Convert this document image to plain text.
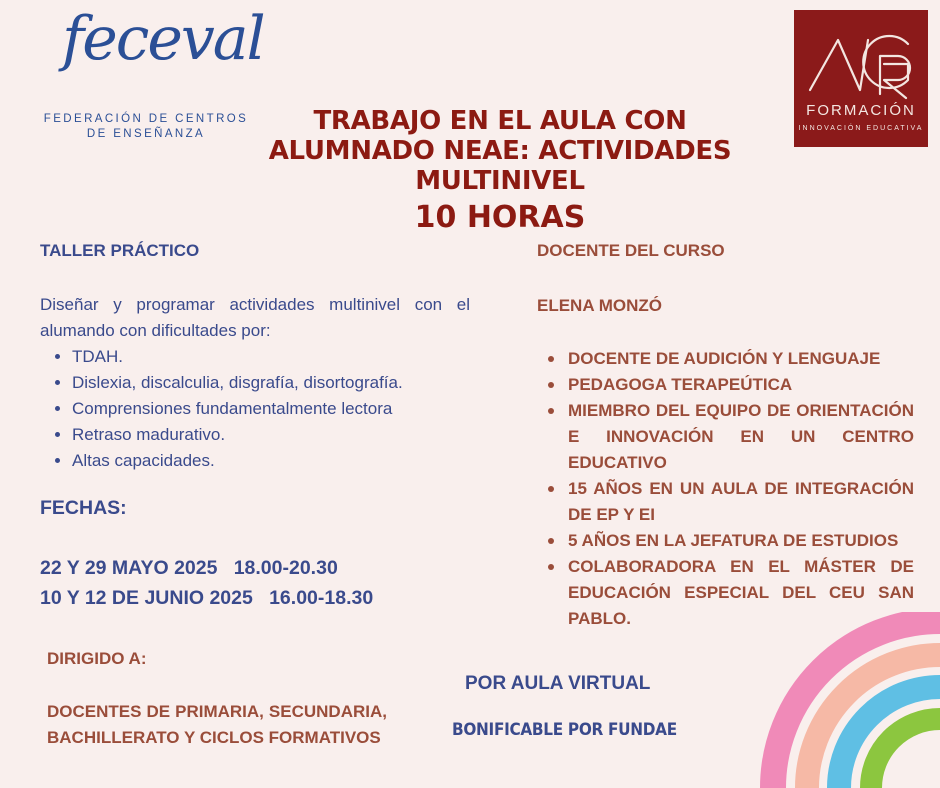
feceval
FEDERACIÓN DE CENTROS DE ENSEÑANZA
FORMACIÓN
INNOVACIÓN EDUCATIVA
TRABAJO EN EL AULA CON
ALUMNADO NEAE: ACTIVIDADES MULTINIVEL
10 HORAS
TALLER PRÁCTICO
Diseñar y programar actividades multinivel con el alumando con dificultades por:
• TDAH.
• Dislexia, discalculia, disgrafía, disortografía.
• Comprensiones fundamentalmente lectora
• Retraso madurativo.
• Altas capacidades.
FECHAS:
22 Y 29 MAYO 2025   18.00-20.30
10 Y 12 DE JUNIO 2025   16.00-18.30
DIRIGIDO A:
DOCENTES DE PRIMARIA, SECUNDARIA, BACHILLERATO Y CICLOS FORMATIVOS
DOCENTE DEL CURSO
ELENA MONZÓ
DOCENTE DE AUDICIÓN Y LENGUAJE
PEDAGOGA TERAPEÚTICA
MIEMBRO DEL EQUIPO DE ORIENTACIÓN E INNOVACIÓN EN UN CENTRO EDUCATIVO
15 AÑOS EN UN AULA DE INTEGRACIÓN DE EP Y EI
5 AÑOS EN LA JEFATURA DE ESTUDIOS
COLABORADORA EN EL MÁSTER DE EDUCACIÓN ESPECIAL DEL CEU SAN PABLO.
POR AULA VIRTUAL
BONIFICABLE POR FUNDAE
